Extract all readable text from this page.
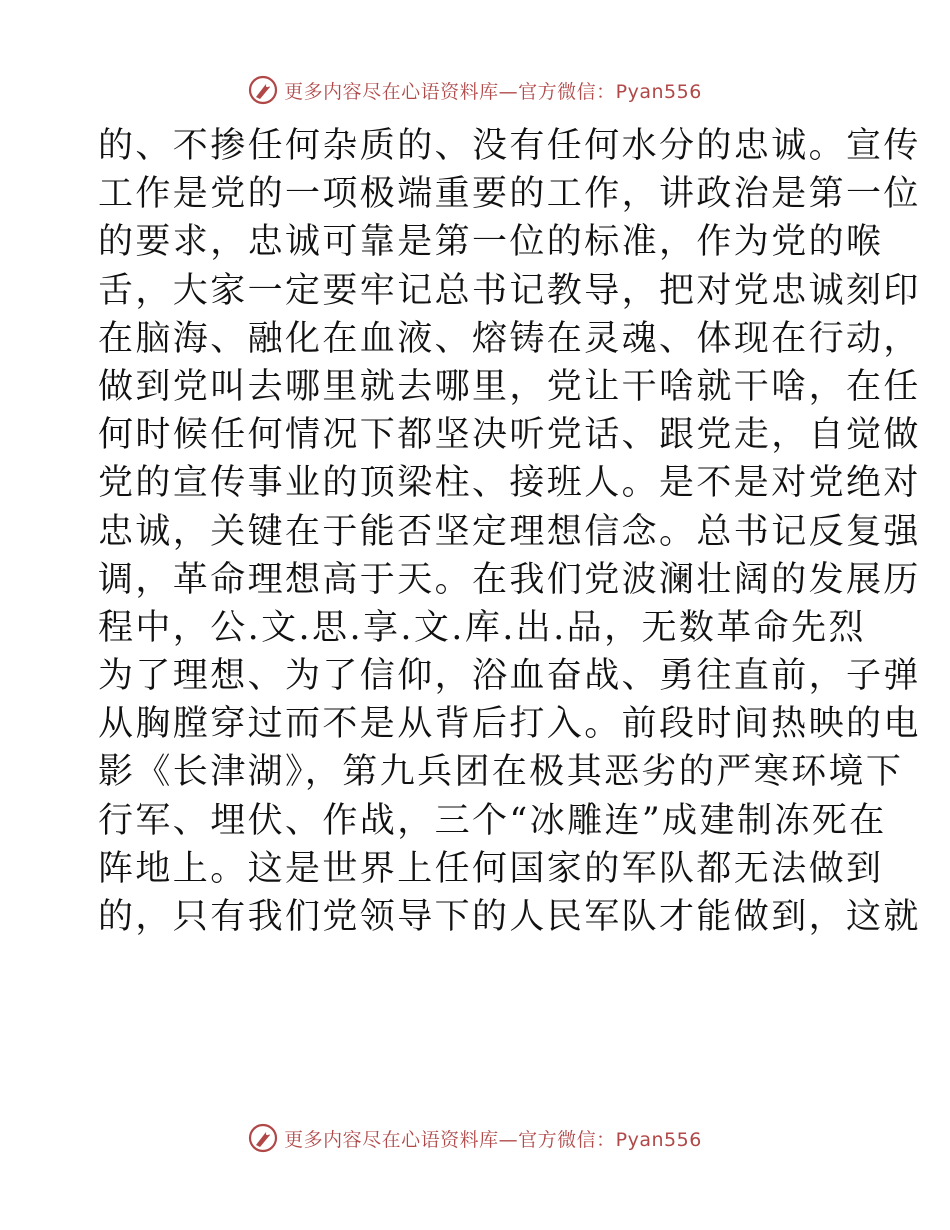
更多内容尽在心语资料库—官方微信：Pyan556
的、不掺任何杂质的、没有任何水分的忠诚。宣传
工作是党的一项极端重要的工作，讲政治是第一位
的要求，忠诚可靠是第一位的标准，作为党的喉
舌，大家一定要牢记总书记教导，把对党忠诚刻印
在脑海、融化在血液、熔铸在灵魂、体现在行动，
做到党叫去哪里就去哪里，党让干啥就干啥，在任
何时候任何情况下都坚决听党话、跟党走，自觉做
党的宣传事业的顶梁柱、接班人。是不是对党绝对
忠诚，关键在于能否坚定理想信念。总书记反复强
调，革命理想高于天。在我们党波澜壮阔的发展历
程中，公.文.思.享.文.库.出.品，无数革命先烈
为了理想、为了信仰，浴血奋战、勇往直前，子弹
从胸膛穿过而不是从背后打入。前段时间热映的电
影《长津湖》，第九兵团在极其恶劣的严寒环境下
行军、埋伏、作战，三个“冰雕连”成建制冻死在
阵地上。这是世界上任何国家的军队都无法做到
的，只有我们党领导下的人民军队才能做到，这就
更多内容尽在心语资料库—官方微信：Pyan556
